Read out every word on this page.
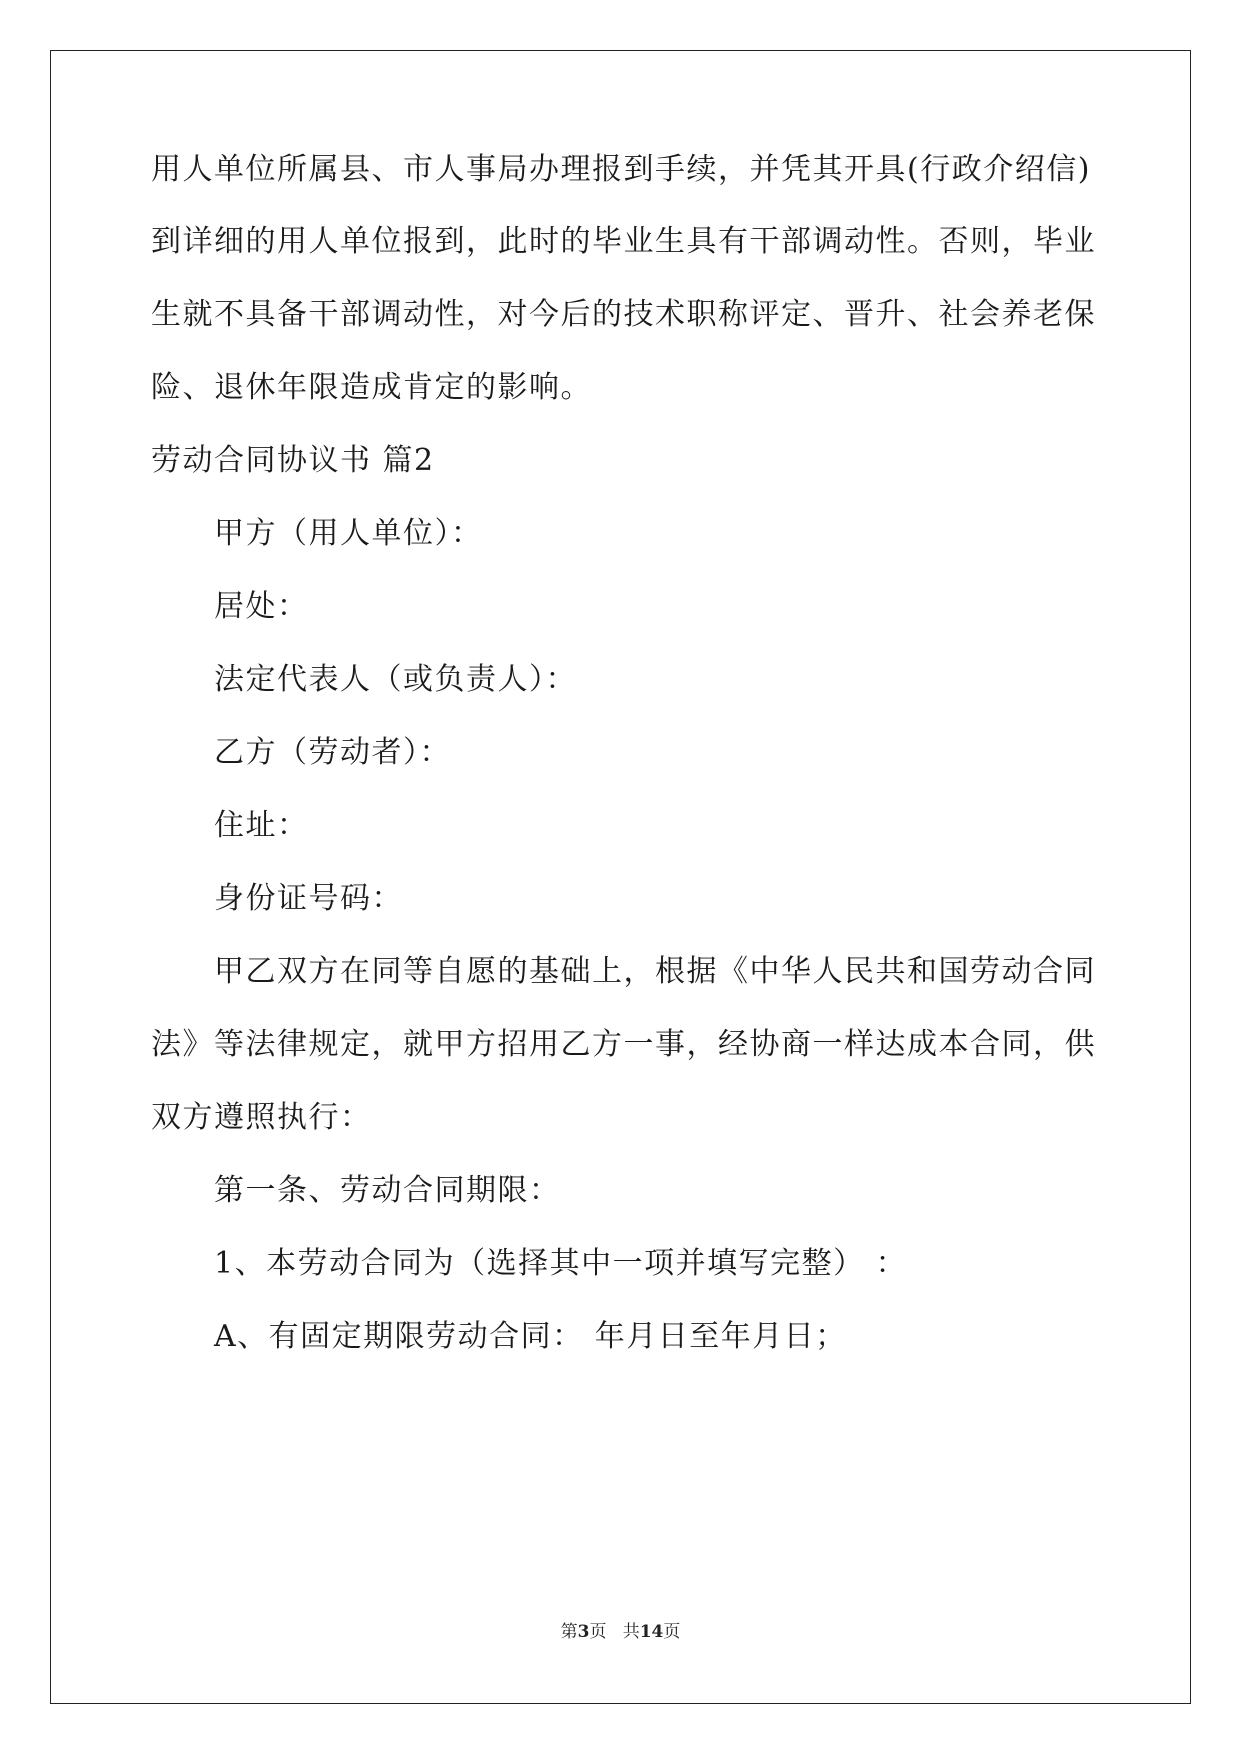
用人单位所属县、市人事局办理报到手续，并凭其开具(行政介绍信)
到详细的用人单位报到，此时的毕业生具有干部调动性。否则，毕业
生就不具备干部调动性，对今后的技术职称评定、晋升、社会养老保
险、退休年限造成肯定的影响。
劳动合同协议书 篇2
甲方（用人单位）：
居处：
法定代表人（或负责人）：
乙方（劳动者）：
住址：
身份证号码：
甲乙双方在同等自愿的基础上，根据《中华人民共和国劳动合同
法》等法律规定，就甲方招用乙方一事，经协商一样达成本合同，供
双方遵照执行：
第一条、劳动合同期限：
1、本劳动合同为（选择其中一项并填写完整） ：
A、有固定期限劳动合同： 年月日至年月日；
第3页 共14页
